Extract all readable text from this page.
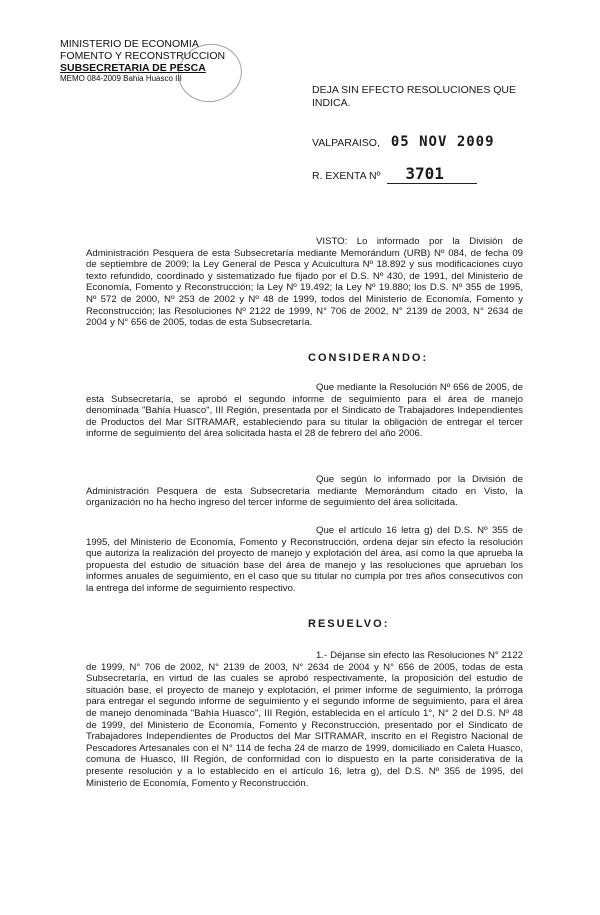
MINISTERIO DE ECONOMIA
FOMENTO Y RECONSTRUCCION
SUBSECRETARIA DE PESCA
MEMO 084-2009 Bahia Huasco III
DEJA SIN EFECTO RESOLUCIONES QUE INDICA.
VALPARAISO, 05 NOV 2009
R. EXENTA Nº 3701
VISTO: Lo informado por la División de Administración Pesquera de esta Subsecretaría mediante Memorándum (URB) Nº 084, de fecha 09 de septiembre de 2009; la Ley General de Pesca y Acuicultura Nº 18.892 y sus modificaciones cuyo texto refundido, coordinado y sistematizado fue fijado por el D.S. Nº 430, de 1991, del Ministerio de Economía, Fomento y Reconstrucción; la Ley Nº 19.492; la Ley Nº 19.880; los D.S. Nº 355 de 1995, Nº 572 de 2000, Nº 253 de 2002 y Nº 48 de 1999, todos del Ministerio de Economía, Fomento y Reconstrucción; las Resoluciones Nº 2122 de 1999, N° 706 de 2002, N° 2139 de 2003, N° 2634 de 2004 y N° 656 de 2005, todas de esta Subsecretaría.
CONSIDERANDO:
Que mediante la Resolución Nº 656 de 2005, de esta Subsecretaría, se aprobó el segundo informe de seguimiento para el área de manejo denominada "Bahía Huasco", III Región, presentada por el Sindicato de Trabajadores Independientes de Productos del Mar SITRAMAR, estableciendo para su titular la obligación de entregar el tercer informe de seguimiento del área solicitada hasta el 28 de febrero del año 2006.
Que según lo informado por la División de Administración Pesquera de esta Subsecretaría mediante Memorándum citado en Visto, la organización no ha hecho ingreso del tercer informe de seguimiento del área solicitada.
Que el artículo 16 letra g) del D.S. Nº 355 de 1995, del Ministerio de Economía, Fomento y Reconstrucción, ordena dejar sin efecto la resolución que autoriza la realización del proyecto de manejo y explotación del área, así como la que aprueba la propuesta del estudio de situación base del área de manejo y las resoluciones que aprueban los informes anuales de seguimiento, en el caso que su titular no cumpla por tres años consecutivos con la entrega del informe de seguimiento respectivo.
RESUELVO:
1.- Déjanse sin efecto las Resoluciones N° 2122 de 1999, N° 706 de 2002, N° 2139 de 2003, N° 2634 de 2004 y N° 656 de 2005, todas de esta Subsecretaría, en virtud de las cuales se aprobó respectivamente, la proposición del estudio de situación base, el proyecto de manejo y explotación, el primer informe de seguimiento, la prórroga para entregar el segundo informe de seguimiento y el segundo informe de seguimiento, para el área de manejo denominada "Bahía Huasco", III Región, establecida en el artículo 1°, N° 2 del D.S. Nº 48 de 1999, del Ministerio de Economía, Fomento y Reconstrucción, presentado por el Sindicato de Trabajadores Independientes de Productos del Mar SITRAMAR, inscrito en el Registro Nacional de Pescadores Artesanales con el N° 114 de fecha 24 de marzo de 1999, domiciliado en Caleta Huasco, comuna de Huasco, III Región, de conformidad con lo dispuesto en la parte considerativa de la presente resolución y a lo establecido en el artículo 16, letra g), del D.S. Nº 355 de 1995, del Ministerio de Economía, Fomento y Reconstrucción.
